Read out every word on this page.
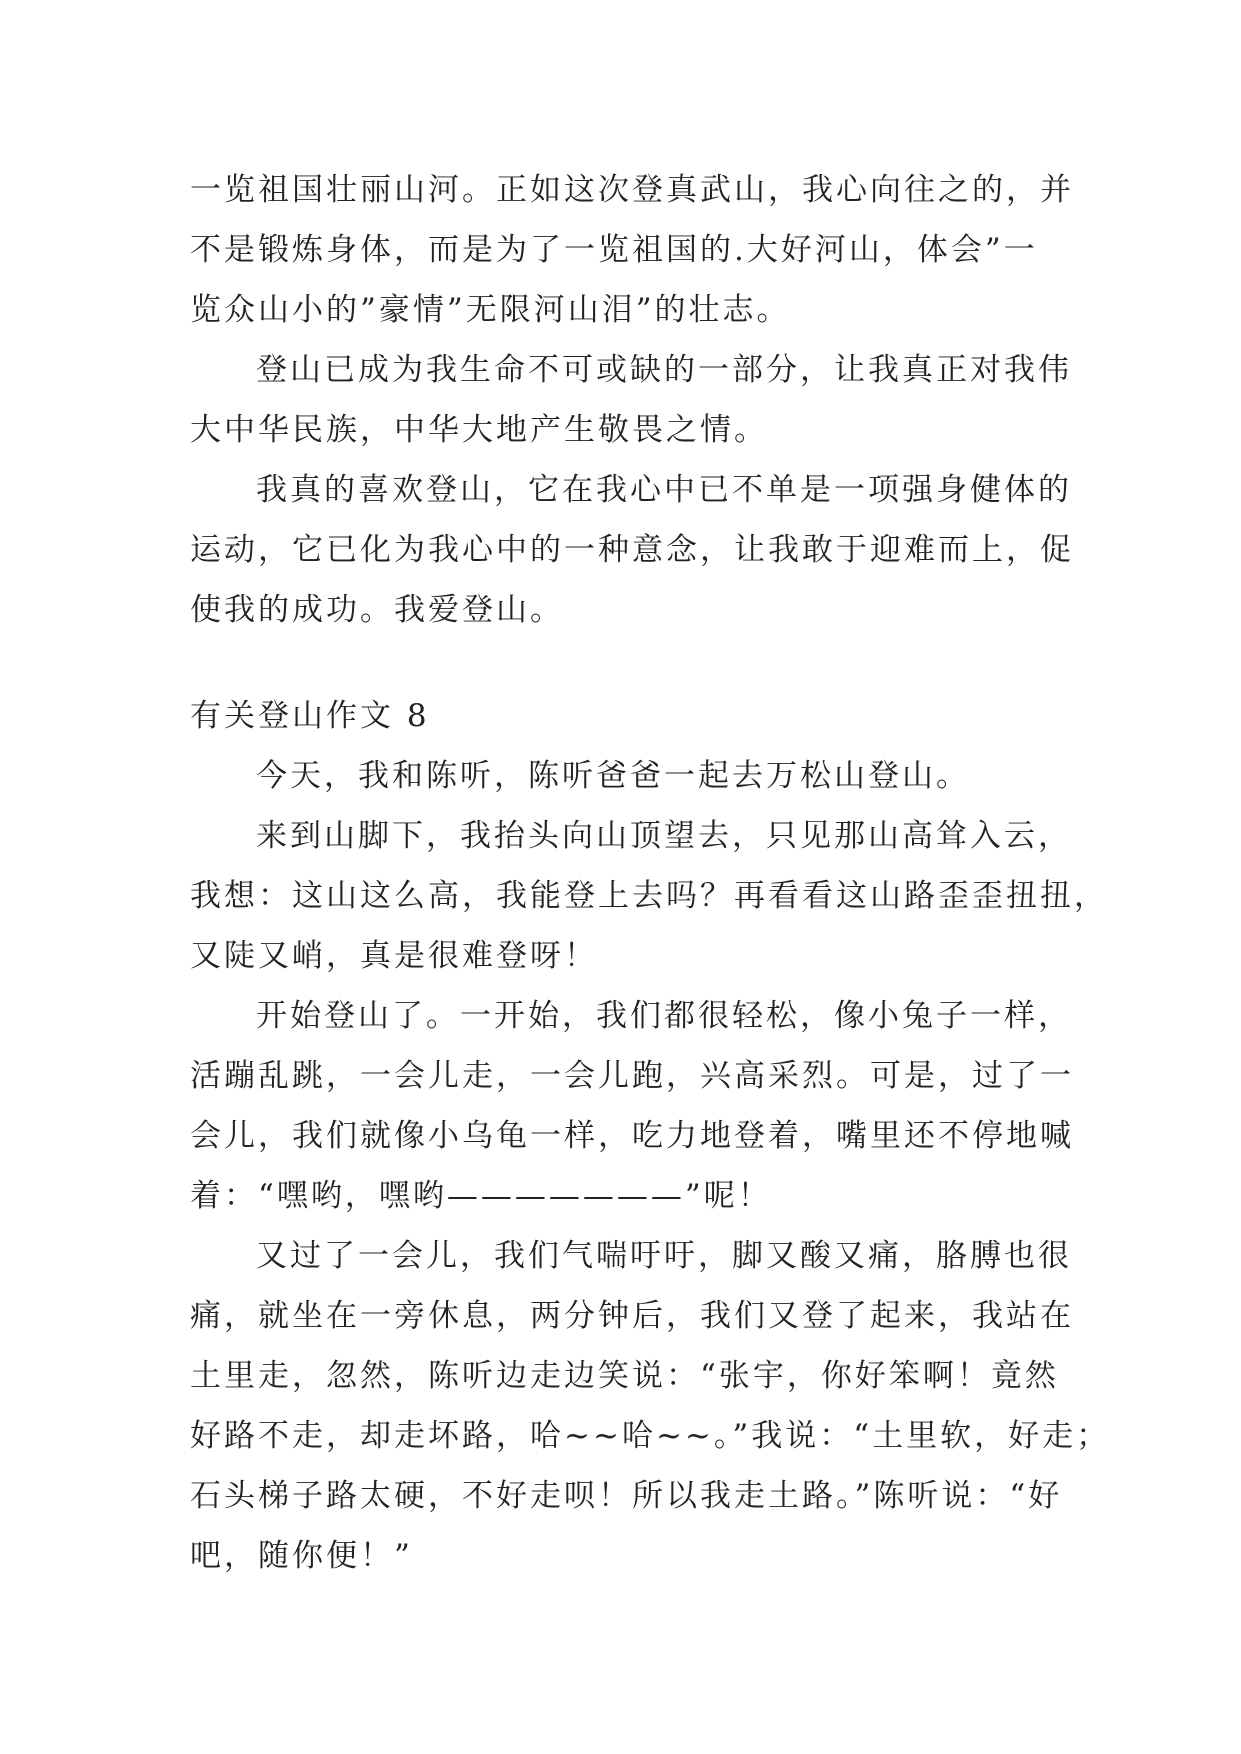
一览祖国壮丽山河。正如这次登真武山，我心向往之的，并
不是锻炼身体，而是为了一览祖国的.大好河山，体会”一
览众山小的”豪情”无限河山泪”的壮志。

登山已成为我生命不可或缺的一部分，让我真正对我伟
大中华民族，中华大地产生敬畏之情。

我真的喜欢登山，它在我心中已不单是一项强身健体的
运动，它已化为我心中的一种意念，让我敢于迎难而上，促
使我的成功。我爱登山。

有关登山作文 8

今天，我和陈听，陈听爸爸一起去万松山登山。

来到山脚下，我抬头向山顶望去，只见那山高耸入云，
我想：这山这么高，我能登上去吗？再看看这山路歪歪扭扭，
又陡又峭，真是很难登呀！

开始登山了。一开始，我们都很轻松，像小兔子一样，
活蹦乱跳，一会儿走，一会儿跑，兴高采烈。可是，过了一
会儿，我们就像小乌龟一样，吃力地登着，嘴里还不停地喊
着：“嘿哟，嘿哟———————”呢！

又过了一会儿，我们气喘吁吁，脚又酸又痛，胳膊也很
痛，就坐在一旁休息，两分钟后，我们又登了起来，我站在
土里走，忽然，陈听边走边笑说：“张宇，你好笨啊！竟然
好路不走，却走坏路，哈~~哈~~。”我说：“土里软，好走；
石头梯子路太硬，不好走呗！所以我走土路。”陈听说：“好
吧，随你便！”
